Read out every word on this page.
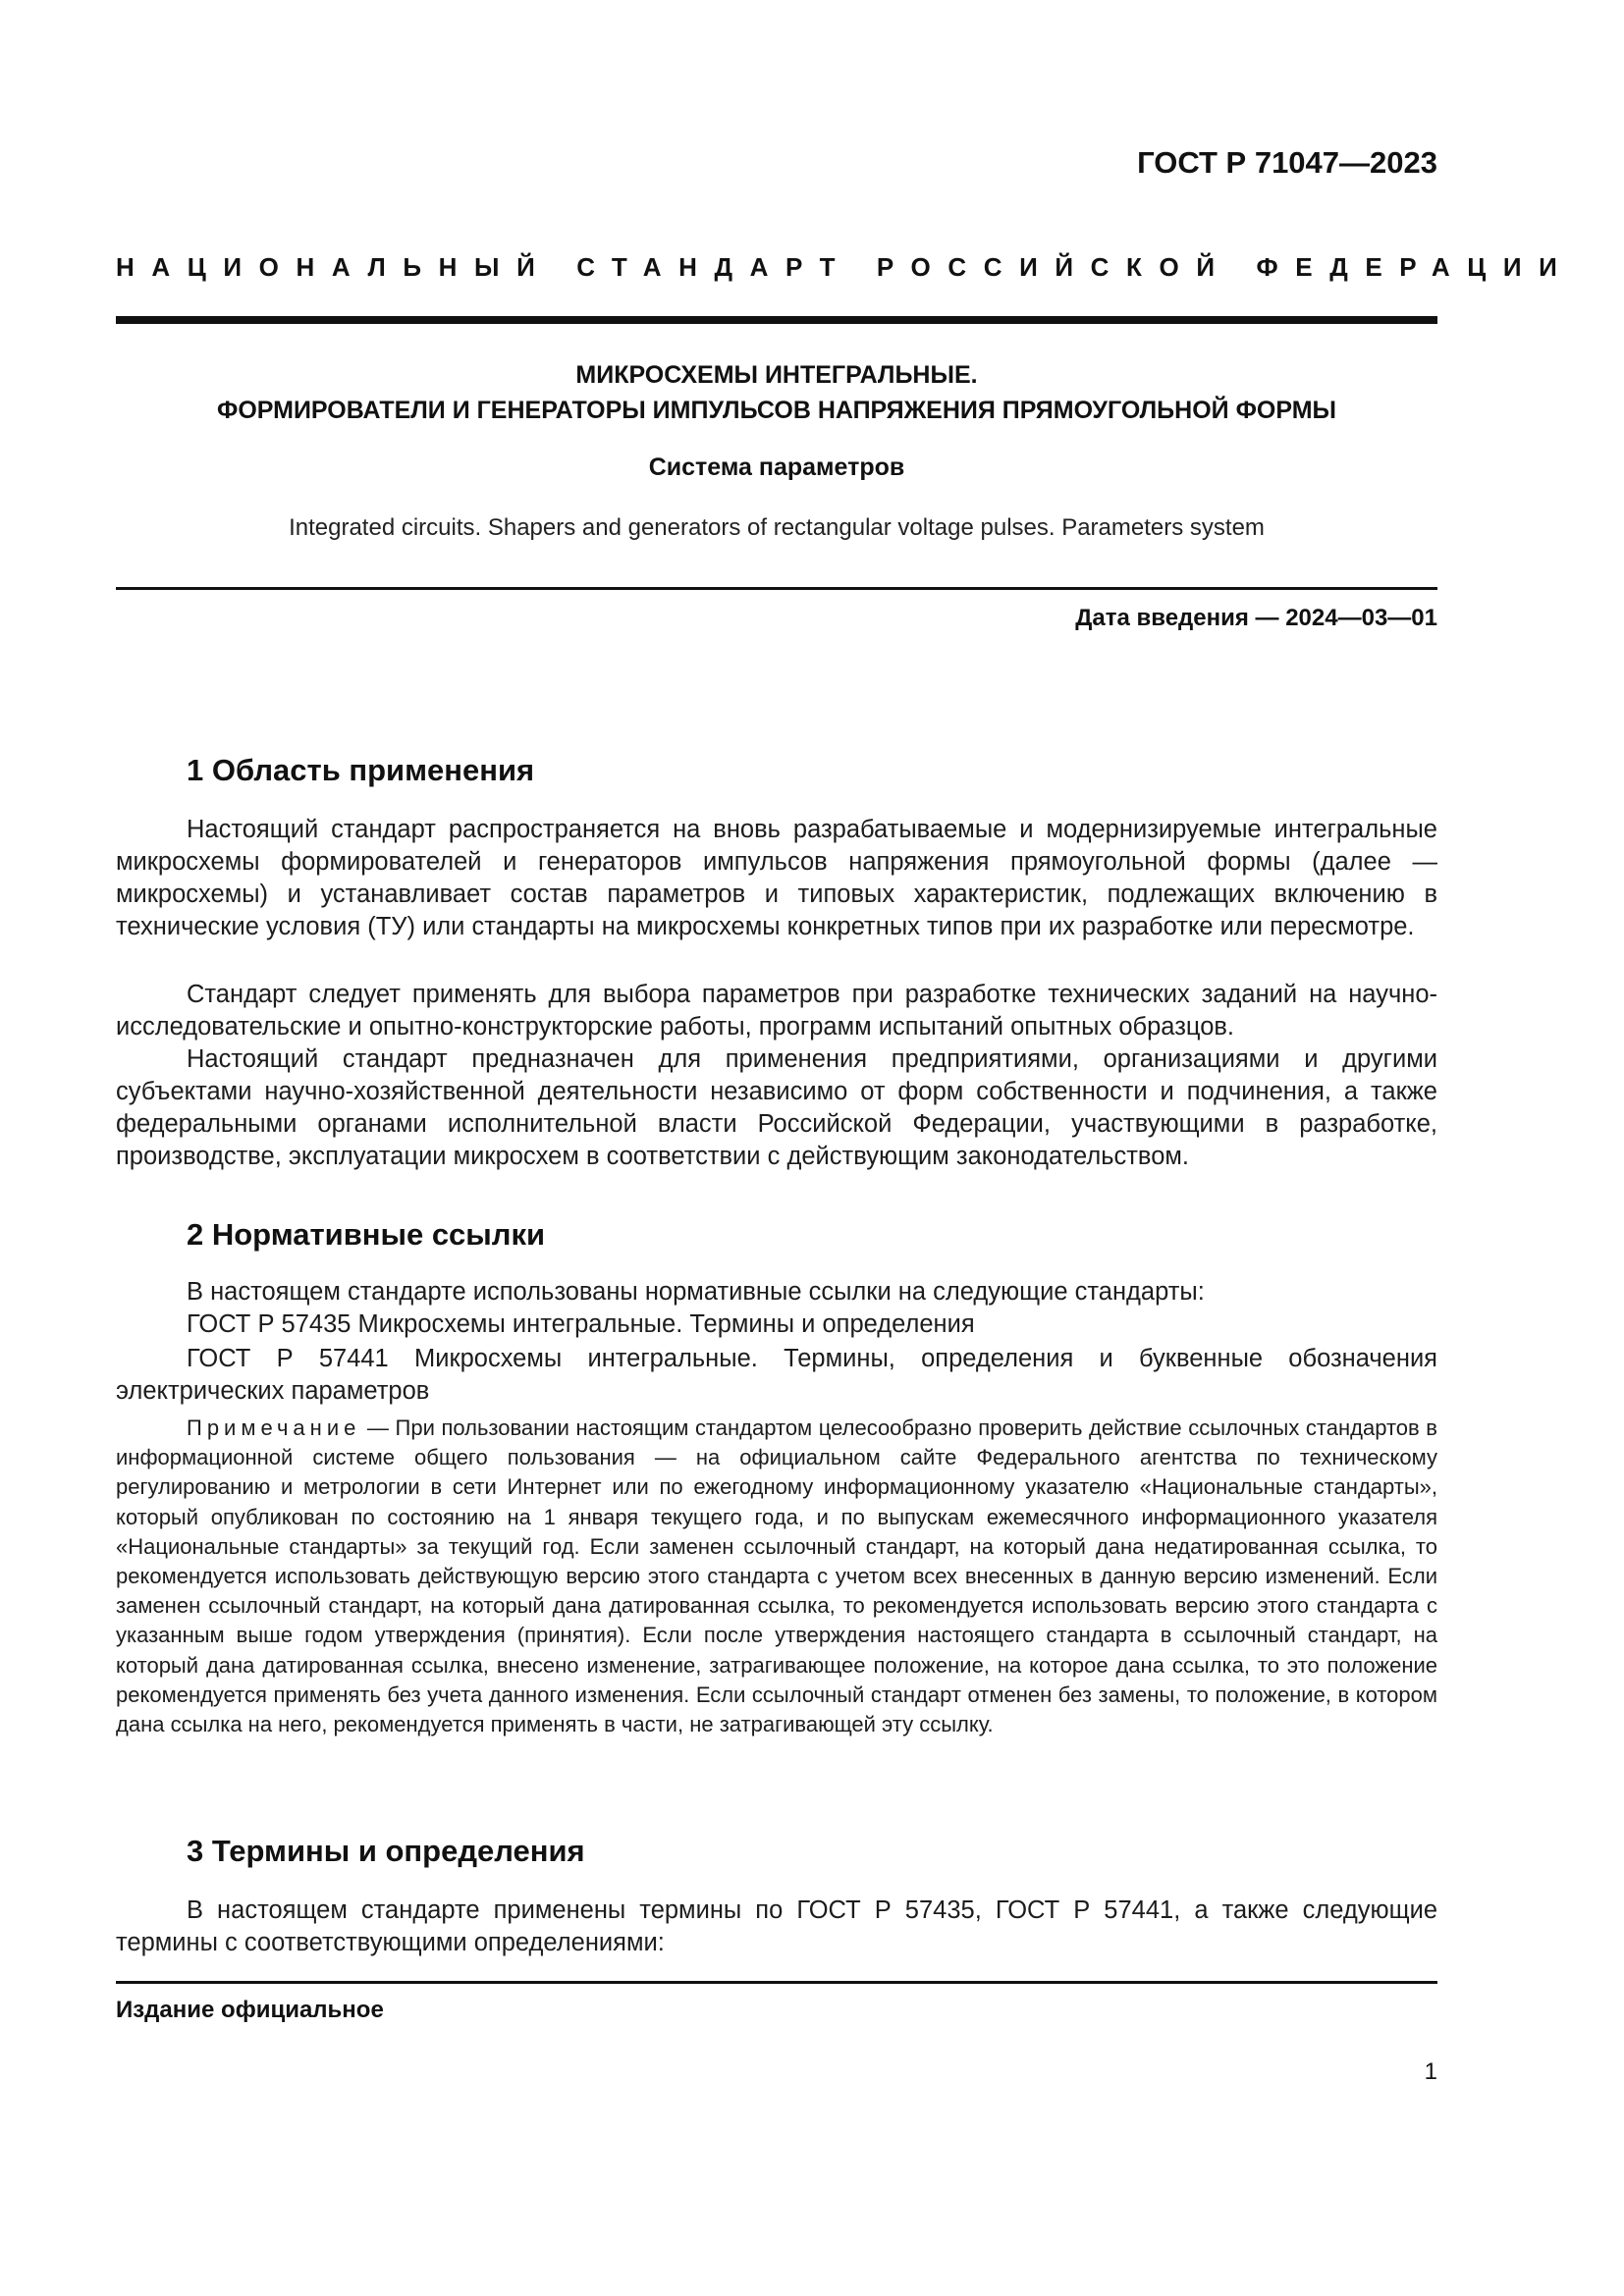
ГОСТ Р 71047—2023
НАЦИОНАЛЬНЫЙ СТАНДАРТ РОССИЙСКОЙ ФЕДЕРАЦИИ
МИКРОСХЕМЫ ИНТЕГРАЛЬНЫЕ.
ФОРМИРОВАТЕЛИ И ГЕНЕРАТОРЫ ИМПУЛЬСОВ НАПРЯЖЕНИЯ ПРЯМОУГОЛЬНОЙ ФОРМЫ
Система параметров
Integrated circuits. Shapers and generators of rectangular voltage pulses. Parameters system
Дата введения — 2024—03—01
1 Область применения
Настоящий стандарт распространяется на вновь разрабатываемые и модернизируемые интегральные микросхемы формирователей и генераторов импульсов напряжения прямоугольной формы (далее — микросхемы) и устанавливает состав параметров и типовых характеристик, подлежащих включению в технические условия (ТУ) или стандарты на микросхемы конкретных типов при их разработке или пересмотре.
Стандарт следует применять для выбора параметров при разработке технических заданий на научно-исследовательские и опытно-конструкторские работы, программ испытаний опытных образцов.
Настоящий стандарт предназначен для применения предприятиями, организациями и другими субъектами научно-хозяйственной деятельности независимо от форм собственности и подчинения, а также федеральными органами исполнительной власти Российской Федерации, участвующими в разработке, производстве, эксплуатации микросхем в соответствии с действующим законодательством.
2 Нормативные ссылки
В настоящем стандарте использованы нормативные ссылки на следующие стандарты:
ГОСТ Р 57435 Микросхемы интегральные. Термины и определения
ГОСТ Р 57441 Микросхемы интегральные. Термины, определения и буквенные обозначения электрических параметров
Примечание — При пользовании настоящим стандартом целесообразно проверить действие ссылочных стандартов в информационной системе общего пользования — на официальном сайте Федерального агентства по техническому регулированию и метрологии в сети Интернет или по ежегодному информационному указателю «Национальные стандарты», который опубликован по состоянию на 1 января текущего года, и по выпускам ежемесячного информационного указателя «Национальные стандарты» за текущий год. Если заменен ссылочный стандарт, на который дана недатированная ссылка, то рекомендуется использовать действующую версию этого стандарта с учетом всех внесенных в данную версию изменений. Если заменен ссылочный стандарт, на который дана датированная ссылка, то рекомендуется использовать версию этого стандарта с указанным выше годом утверждения (принятия). Если после утверждения настоящего стандарта в ссылочный стандарт, на который дана датированная ссылка, внесено изменение, затрагивающее положение, на которое дана ссылка, то это положение рекомендуется применять без учета данного изменения. Если ссылочный стандарт отменен без замены, то положение, в котором дана ссылка на него, рекомендуется применять в части, не затрагивающей эту ссылку.
3 Термины и определения
В настоящем стандарте применены термины по ГОСТ Р 57435, ГОСТ Р 57441, а также следующие термины с соответствующими определениями:
Издание официальное
1
